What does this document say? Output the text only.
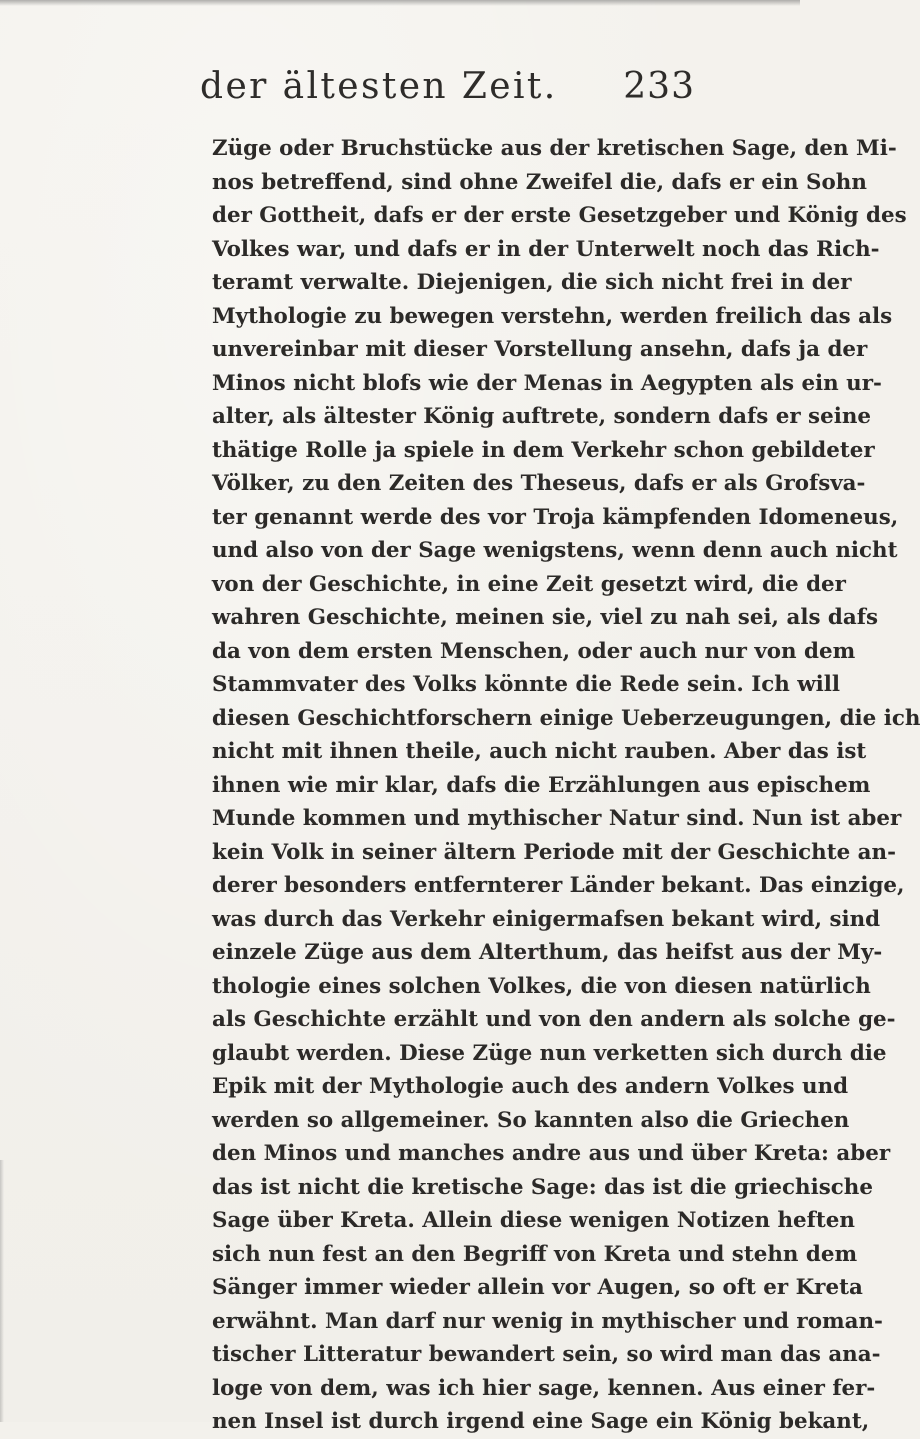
der ältesten Zeit. 233
Züge oder Bruchstücke aus der kretischen Sage, den Mi-
nos betreffend, sind ohne Zweifel die, dafs er ein Sohn
der Gottheit, dafs er der erste Gesetzgeber und König des
Volkes war, und dafs er in der Unterwelt noch das Rich-
teramt verwalte. Diejenigen, die sich nicht frei in der
Mythologie zu bewegen verstehn, werden freilich das als
unvereinbar mit dieser Vorstellung ansehn, dafs ja der
Minos nicht blofs wie der Menas in Aegypten als ein ur-
alter, als ältester König auftrete, sondern dafs er seine
thätige Rolle ja spiele in dem Verkehr schon gebildeter
Völker, zu den Zeiten des Theseus, dafs er als Grofsva-
ter genannt werde des vor Troja kämpfenden Idomeneus,
und also von der Sage wenigstens, wenn denn auch nicht
von der Geschichte, in eine Zeit gesetzt wird, die der
wahren Geschichte, meinen sie, viel zu nah sei, als dafs
da von dem ersten Menschen, oder auch nur von dem
Stammvater des Volks könnte die Rede sein. Ich will
diesen Geschichtforschern einige Ueberzeugungen, die ich
nicht mit ihnen theile, auch nicht rauben. Aber das ist
ihnen wie mir klar, dafs die Erzählungen aus epischem
Munde kommen und mythischer Natur sind. Nun ist aber
kein Volk in seiner ältern Periode mit der Geschichte an-
derer besonders entfernterer Länder bekant. Das einzige,
was durch das Verkehr einigermafsen bekant wird, sind
einzele Züge aus dem Alterthum, das heifst aus der My-
thologie eines solchen Volkes, die von diesen natürlich
als Geschichte erzählt und von den andern als solche ge-
glaubt werden. Diese Züge nun verketten sich durch die
Epik mit der Mythologie auch des andern Volkes und
werden so allgemeiner. So kannten also die Griechen
den Minos und manches andre aus und über Kreta: aber
das ist nicht die kretische Sage: das ist die griechische
Sage über Kreta. Allein diese wenigen Notizen heften
sich nun fest an den Begriff von Kreta und stehn dem
Sänger immer wieder allein vor Augen, so oft er Kreta
erwähnt. Man darf nur wenig in mythischer und roman-
tischer Litteratur bewandert sein, so wird man das ana-
loge von dem, was ich hier sage, kennen. Aus einer fer-
nen Insel ist durch irgend eine Sage ein König bekant,
